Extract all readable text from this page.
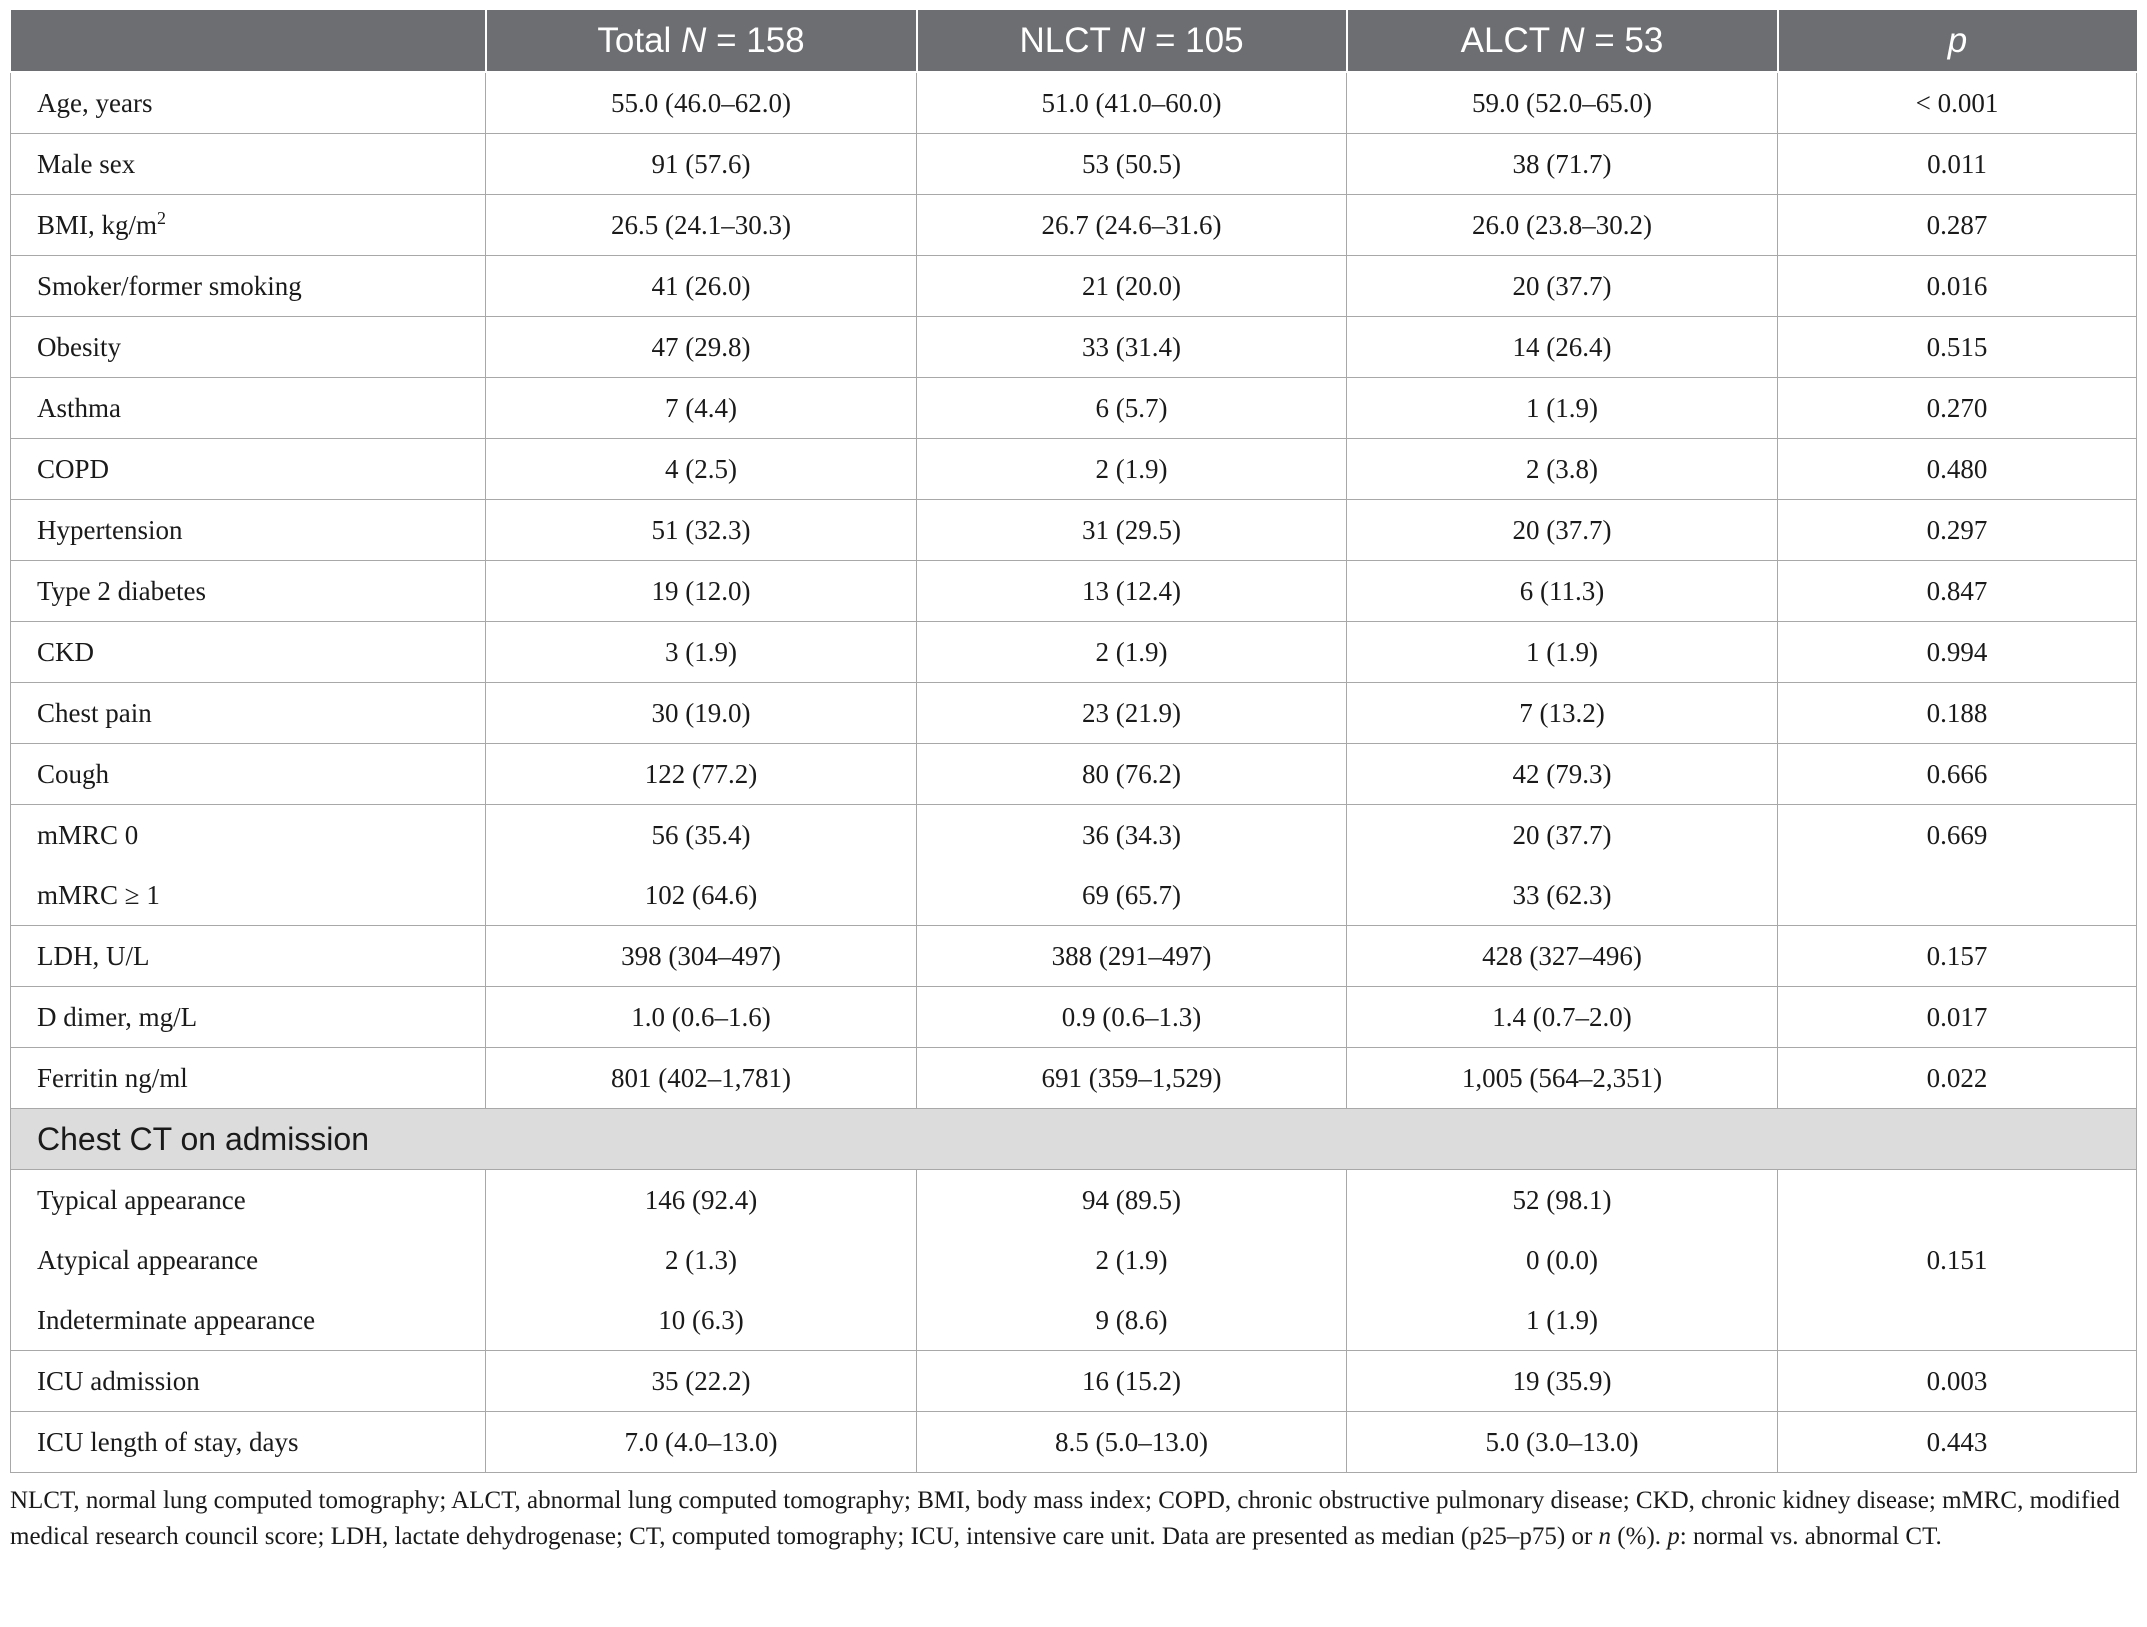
	Total N = 158	NLCT N = 105	ALCT N = 53	p
Age, years	55.0 (46.0–62.0)	51.0 (41.0–60.0)	59.0 (52.0–65.0)	< 0.001
Male sex	91 (57.6)	53 (50.5)	38 (71.7)	0.011
BMI, $kg/m^2$	26.5 (24.1–30.3)	26.7 (24.6–31.6)	26.0 (23.8–30.2)	0.287
Smoker/former smoking	41 (26.0)	21 (20.0)	20 (37.7)	0.016
Obesity	47 (29.8)	33 (31.4)	14 (26.4)	0.515
Asthma	7 (4.4)	6 (5.7)	1 (1.9)	0.270
COPD	4 (2.5)	2 (1.9)	2 (3.8)	0.480
Hypertension	51 (32.3)	31 (29.5)	20 (37.7)	0.297
Type 2 diabetes	19 (12.0)	13 (12.4)	6 (11.3)	0.847
CKD	3 (1.9)	2 (1.9)	1 (1.9)	0.994
Chest pain	30 (19.0)	23 (21.9)	7 (13.2)	0.188
Cough	122 (77.2)	80 (76.2)	42 (79.3)	0.666
mMRC 0	56 (35.4)	36 (34.3)	20 (37.7)	0.669
mMRC ≥ 1	102 (64.6)	69 (65.7)	33 (62.3)	
LDH, U/L	398 (304–497)	388 (291–497)	428 (327–496)	0.157
D dimer, mg/L	1.0 (0.6–1.6)	0.9 (0.6–1.3)	1.4 (0.7–2.0)	0.017
Ferritin ng/ml	801 (402–1,781)	691 (359–1,529)	1,005 (564–2,351)	0.022
Chest CT on admission				
Typical appearance	146 (92.4)	94 (89.5)	52 (98.1)	0.151
Atypical appearance	2 (1.3)	2 (1.9)	0 (0.0)	
Indeterminate appearance	10 (6.3)	9 (8.6)	1 (1.9)	
ICU admission	35 (22.2)	16 (15.2)	19 (35.9)	0.003
ICU length of stay, days	7.0 (4.0–13.0)	8.5 (5.0–13.0)	5.0 (3.0–13.0)	0.443
NLCT, normal lung computed tomography; ALCT, abnormal lung computed tomography; BMI, body mass index; COPD, chronic obstructive pulmonary disease; CKD, chronic kidney disease; mMRC, modified medical research council score; LDH, lactate dehydrogenase; CT, computed tomography; ICU, intensive care unit. Data are presented as median (p25–p75) or n (%). p: normal vs. abnormal CT.
